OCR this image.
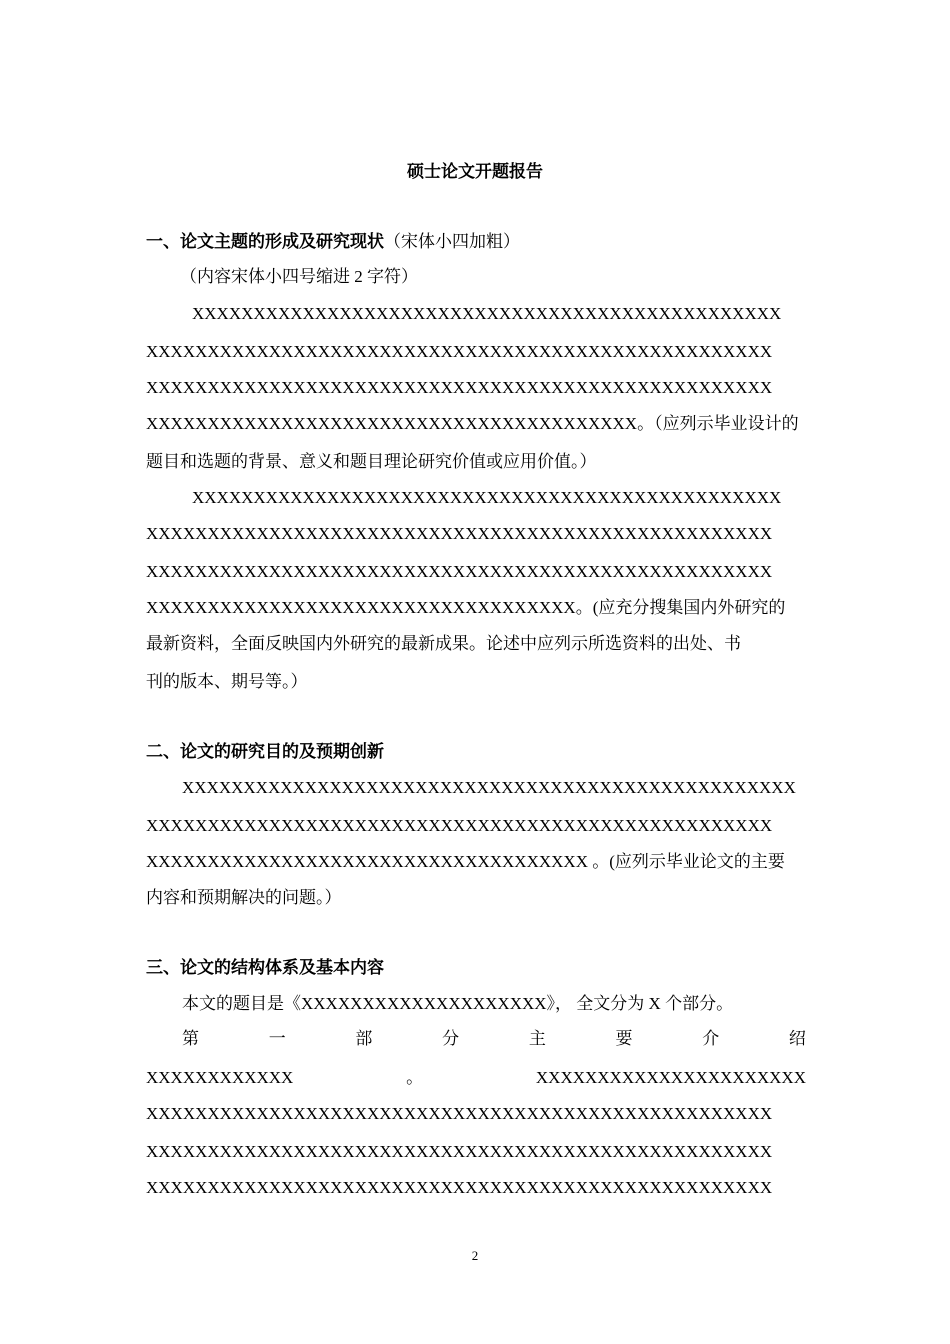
硕士论文开题报告
一、论文主题的形成及研究现状（宋体小四加粗）
（内容宋体小四号缩进 2 字符）
XXXXXXXXXXXXXXXXXXXXXXXXXXXXXXXXXXXXXXXXXXXXXXXX
XXXXXXXXXXXXXXXXXXXXXXXXXXXXXXXXXXXXXXXXXXXXXXXXXXX
XXXXXXXXXXXXXXXXXXXXXXXXXXXXXXXXXXXXXXXXXXXXXXXXXXX
XXXXXXXXXXXXXXXXXXXXXXXXXXXXXXXXXXXXXXXX。（应列示毕业设计的
题目和选题的背景、意义和题目理论研究价值或应用价值。）
XXXXXXXXXXXXXXXXXXXXXXXXXXXXXXXXXXXXXXXXXXXXXXXX
XXXXXXXXXXXXXXXXXXXXXXXXXXXXXXXXXXXXXXXXXXXXXXXXXXX
XXXXXXXXXXXXXXXXXXXXXXXXXXXXXXXXXXXXXXXXXXXXXXXXXXX
XXXXXXXXXXXXXXXXXXXXXXXXXXXXXXXXXXX。(应充分搜集国内外研究的
最新资料，全面反映国内外研究的最新成果。论述中应列示所选资料的出处、书
刊的版本、期号等。）
二、论文的研究目的及预期创新
XXXXXXXXXXXXXXXXXXXXXXXXXXXXXXXXXXXXXXXXXXXXXXXXXX
XXXXXXXXXXXXXXXXXXXXXXXXXXXXXXXXXXXXXXXXXXXXXXXXXXX
XXXXXXXXXXXXXXXXXXXXXXXXXXXXXXXXXXXX 。(应列示毕业论文的主要
内容和预期解决的问题。）
三、论文的结构体系及基本内容
本文的题目是《XXXXXXXXXXXXXXXXXXXX》， 全文分为 X 个部分。
第	一	部	分	主	要	介	绍
XXXXXXXXXXXX	。	XXXXXXXXXXXXXXXXXXXXXX
XXXXXXXXXXXXXXXXXXXXXXXXXXXXXXXXXXXXXXXXXXXXXXXXXXX
XXXXXXXXXXXXXXXXXXXXXXXXXXXXXXXXXXXXXXXXXXXXXXXXXXX
XXXXXXXXXXXXXXXXXXXXXXXXXXXXXXXXXXXXXXXXXXXXXXXXXXX
2
